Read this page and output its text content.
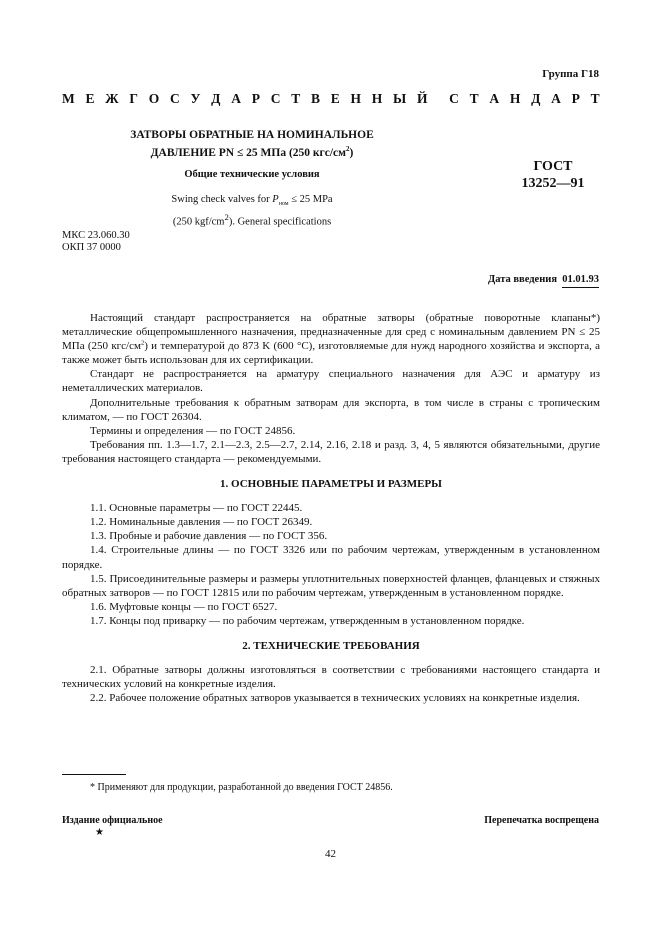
Группа Г18
М Е Ж Г О С У Д А Р С Т В Е Н Н Ы Й С Т А Н Д А Р Т
ЗАТВОРЫ ОБРАТНЫЕ НА НОМИНАЛЬНОЕ
ДАВЛЕНИЕ PN ≤ 25 МПа (250 кгс/$см^2$)
Общие технические условия
Swing check valves for $P_{ном} \le 25$ MPa
(250 kgf/$cm^2$). General specifications
ГОСТ
13252—91
МКС 23.060.30
ОКП 37 0000
Дата введения 01.01.93

Настоящий стандарт распространяется на обратные затворы (обратные поворотные клапаны*) металлические общепромышленного назначения, предназначенные для сред с номинальным давлением PN ≤ 25 МПа (250 кгс/$см^2$) и температурой до 873 K (600 °С), изготовляемые для нужд народного хозяйства и экспорта, а также может быть использован для их сертификации.

Стандарт не распространяется на арматуру специального назначения для АЭС и арматуру из неметаллических материалов.

Дополнительные требования к обратным затворам для экспорта, в том числе в страны с тропическим климатом, — по ГОСТ 26304.

Термины и определения — по ГОСТ 24856.

Требования пп. 1.3—1.7, 2.1—2.3, 2.5—2.7, 2.14, 2.16, 2.18 и разд. 3, 4, 5 являются обязательными, другие требования настоящего стандарта — рекомендуемыми.

1. ОСНОВНЫЕ ПАРАМЕТРЫ И РАЗМЕРЫ

1.1. Основные параметры — по ГОСТ 22445.

1.2. Номинальные давления — по ГОСТ 26349.

1.3. Пробные и рабочие давления — по ГОСТ 356.

1.4. Строительные длины — по ГОСТ 3326 или по рабочим чертежам, утвержденным в установленном порядке.

1.5. Присоединительные размеры и размеры уплотнительных поверхностей фланцев, фланцевых и стяжных обратных затворов — по ГОСТ 12815 или по рабочим чертежам, утвержденным в установленном порядке.

1.6. Муфтовые концы — по ГОСТ 6527.

1.7. Концы под приварку — по рабочим чертежам, утвержденным в установленном порядке.

2. ТЕХНИЧЕСКИЕ ТРЕБОВАНИЯ

2.1. Обратные затворы должны изготовляться в соответствии с требованиями настоящего стандарта и технических условий на конкретные изделия.

2.2. Рабочее положение обратных затворов указывается в технических условиях на конкретные изделия.

* Применяют для продукции, разработанной до введения ГОСТ 24856.
Издание официальное
★
Перепечатка воспрещена
42
